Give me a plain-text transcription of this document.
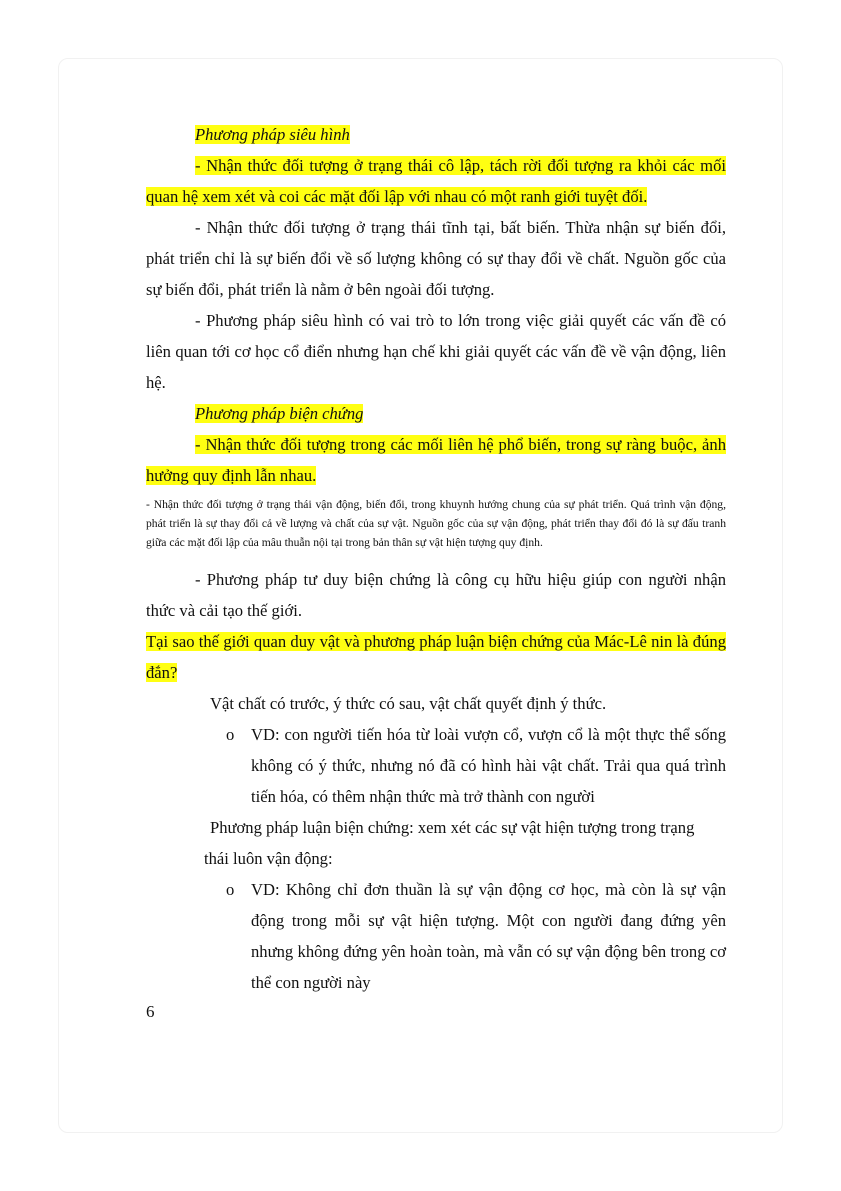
Phương pháp siêu hình

- Nhận thức đối tượng ở trạng thái cô lập, tách rời đối tượng ra khỏi các mối quan hệ xem xét và coi các mặt đối lập với nhau có một ranh giới tuyệt đối.

- Nhận thức đối tượng ở trạng thái tĩnh tại, bất biến. Thừa nhận sự biến đổi, phát triển chỉ là sự biến đổi về số lượng không có sự thay đổi về chất. Nguồn gốc của sự biến đổi, phát triển là nằm ở bên ngoài đối tượng.

- Phương pháp siêu hình có vai trò to lớn trong việc giải quyết các vấn đề có liên quan tới cơ học cổ điển nhưng hạn chế khi giải quyết các vấn đề về vận động, liên hệ.

Phương pháp biện chứng

- Nhận thức đối tượng trong các mối liên hệ phổ biến, trong sự ràng buộc, ảnh hưởng quy định lẫn nhau.

- Nhận thức đối tượng ở trạng thái vận động, biến đổi, trong khuynh hướng chung của sự phát triển. Quá trình vận động, phát triển là sự thay đổi cả về lượng và chất của sự vật. Nguồn gốc của sự vận động, phát triển thay đổi đó là sự đấu tranh giữa các mặt đối lập của mâu thuẫn nội tại trong bản thân sự vật hiện tượng quy định.

- Phương pháp tư duy biện chứng là công cụ hữu hiệu giúp con người nhận thức và cải tạo thế giới.

Tại sao thế giới quan duy vật và phương pháp luận biện chứng của Mác-Lê nin là đúng đắn?

Vật chất có trước, ý thức có sau, vật chất quyết định ý thức.
o	VD: con người tiến hóa từ loài vượn cổ, vượn cổ là một thực thể sống không có ý thức, nhưng nó đã có hình hài vật chất. Trải qua quá trình tiến hóa, có thêm nhận thức mà trở thành con người
Phương pháp luận biện chứng: xem xét các sự vật hiện tượng trong trạng
thái luôn vận động:
o	VD: Không chỉ đơn thuần là sự vận động cơ học, mà còn là sự vận động trong mỗi sự vật hiện tượng. Một con người đang đứng yên nhưng không đứng yên hoàn toàn, mà vẫn có sự vận động bên trong cơ thể con người này
6
